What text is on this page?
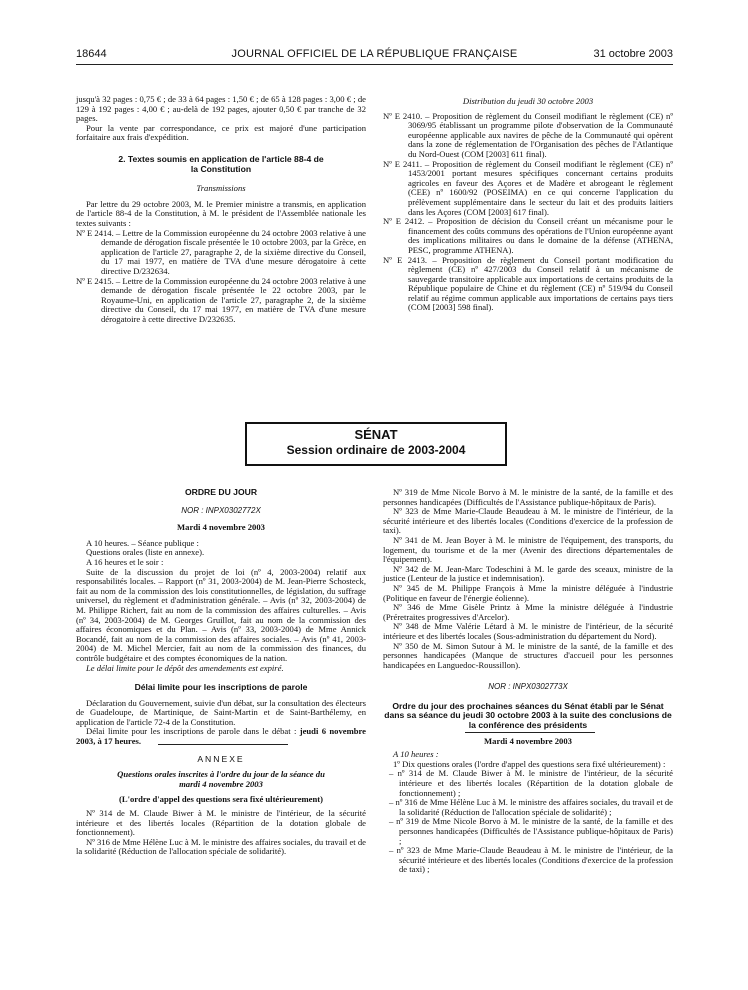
18644	JOURNAL OFFICIEL DE LA RÉPUBLIQUE FRANÇAISE	31 octobre 2003

jusqu'à 32 pages : 0,75 € ; de 33 à 64 pages : 1,50 € ; de 65 à 128 pages : 3,00 € ; de 129 à 192 pages : 4,00 € ; au-delà de 192 pages, ajouter 0,50 € par tranche de 32 pages.

Pour la vente par correspondance, ce prix est majoré d'une participation forfaitaire aux frais d'expédition.

2. Textes soumis en application de l'article 88-4 de la Constitution

Transmissions

Par lettre du 29 octobre 2003, M. le Premier ministre a transmis, en application de l'article 88-4 de la Constitution, à M. le président de l'Assemblée nationale les textes suivants :

Nº E 2414. – Lettre de la Commission européenne du 24 octobre 2003 relative à une demande de dérogation fiscale présentée le 10 octobre 2003, par la Grèce, en application de l'article 27, paragraphe 2, de la sixième directive du Conseil, du 17 mai 1977, en matière de TVA d'une mesure dérogatoire à cette directive D/232634.

Nº E 2415. – Lettre de la Commission européenne du 24 octobre 2003 relative à une demande de dérogation fiscale présentée le 22 octobre 2003, par le Royaume-Uni, en application de l'article 27, paragraphe 2, de la sixième directive du Conseil, du 17 mai 1977, en matière de TVA d'une mesure dérogatoire à cette directive D/232635.

Distribution du jeudi 30 octobre 2003

Nº E 2410. – Proposition de règlement du Conseil modifiant le règlement (CE) nº 3069/95 établissant un programme pilote d'observation de la Communauté européenne applicable aux navires de pêche de la Communauté qui opèrent dans la zone de réglementation de l'Organisation des pêches de l'Atlantique du Nord-Ouest (COM [2003] 611 final).

Nº E 2411. – Proposition de règlement du Conseil modifiant le règlement (CE) nº 1453/2001 portant mesures spécifiques concernant certains produits agricoles en faveur des Açores et de Madère et abrogeant le règlement (CEE) nº 1600/92 (POSEIMA) en ce qui concerne l'application du prélèvement supplémentaire dans le secteur du lait et des produits laitiers dans les Açores (COM [2003] 617 final).

Nº E 2412. – Proposition de décision du Conseil créant un mécanisme pour le financement des coûts communs des opérations de l'Union européenne ayant des implications militaires ou dans le domaine de la défense (ATHENA, PESC, programme ATHENA).

Nº E 2413. – Proposition de règlement du Conseil portant modification du règlement (CE) nº 427/2003 du Conseil relatif à un mécanisme de sauvegarde transitoire applicable aux importations de certains produits de la République populaire de Chine et du règlement (CE) nº 519/94 du Conseil relatif au régime commun applicable aux importations de certains pays tiers (COM [2003] 598 final).

SÉNAT
Session ordinaire de 2003-2004

ORDRE DU JOUR

NOR : INPX0302772X

Mardi 4 novembre 2003

A 10 heures. – Séance publique :

Questions orales (liste en annexe).

A 16 heures et le soir :

Suite de la discussion du projet de loi (nº 4, 2003-2004) relatif aux responsabilités locales. – Rapport (nº 31, 2003-2004) de M. Jean-Pierre Schosteck, fait au nom de la commission des lois constitutionnelles, de législation, du suffrage universel, du règlement et d'administration générale. – Avis (nº 32, 2003-2004) de M. Philippe Richert, fait au nom de la commission des affaires culturelles. – Avis (nº 34, 2003-2004) de M. Georges Gruillot, fait au nom de la commission des affaires économiques et du Plan. – Avis (nº 33, 2003-2004) de Mme Annick Bocandé, fait au nom de la commission des affaires sociales. – Avis (nº 41, 2003-2004) de M. Michel Mercier, fait au nom de la commission des finances, du contrôle budgétaire et des comptes économiques de la nation.

Le délai limite pour le dépôt des amendements est expiré.

Délai limite pour les inscriptions de parole

Déclaration du Gouvernement, suivie d'un débat, sur la consultation des électeurs de Guadeloupe, de Martinique, de Saint-Martin et de Saint-Barthélemy, en application de l'article 72-4 de la Constitution.

Délai limite pour les inscriptions de parole dans le débat : jeudi 6 novembre 2003, à 17 heures.

ANNEXE

Questions orales inscrites à l'ordre du jour de la séance du mardi 4 novembre 2003

(L'ordre d'appel des questions sera fixé ultérieurement)

Nº 314 de M. Claude Biwer à M. le ministre de l'intérieur, de la sécurité intérieure et des libertés locales (Répartition de la dotation globale de fonctionnement).

Nº 316 de Mme Hélène Luc à M. le ministre des affaires sociales, du travail et de la solidarité (Réduction de l'allocation spéciale de solidarité).

Nº 319 de Mme Nicole Borvo à M. le ministre de la santé, de la famille et des personnes handicapées (Difficultés de l'Assistance publique-hôpitaux de Paris).

Nº 323 de Mme Marie-Claude Beaudeau à M. le ministre de l'intérieur, de la sécurité intérieure et des libertés locales (Conditions d'exercice de la profession de taxi).

Nº 341 de M. Jean Boyer à M. le ministre de l'équipement, des transports, du logement, du tourisme et de la mer (Avenir des directions départementales de l'équipement).

Nº 342 de M. Jean-Marc Todeschini à M. le garde des sceaux, ministre de la justice (Lenteur de la justice et indemnisation).

Nº 345 de M. Philippe François à Mme la ministre déléguée à l'industrie (Politique en faveur de l'énergie éolienne).

Nº 346 de Mme Gisèle Printz à Mme la ministre déléguée à l'industrie (Préretraites progressives d'Arcelor).

Nº 348 de Mme Valérie Létard à M. le ministre de l'intérieur, de la sécurité intérieure et des libertés locales (Sous-administration du département du Nord).

Nº 350 de M. Simon Sutour à M. le ministre de la santé, de la famille et des personnes handicapées (Manque de structures d'accueil pour les personnes handicapées en Languedoc-Roussillon).

NOR : INPX0302773X

Ordre du jour des prochaines séances du Sénat établi par le Sénat dans sa séance du jeudi 30 octobre 2003 à la suite des conclusions de la conférence des présidents

Mardi 4 novembre 2003

A 10 heures :

1º Dix questions orales (l'ordre d'appel des questions sera fixé ultérieurement) :

– nº 314 de M. Claude Biwer à M. le ministre de l'intérieur, de la sécurité intérieure et des libertés locales (Répartition de la dotation globale de fonctionnement) ;

– nº 316 de Mme Hélène Luc à M. le ministre des affaires sociales, du travail et de la solidarité (Réduction de l'allocation spéciale de solidarité) ;

– nº 319 de Mme Nicole Borvo à M. le ministre de la santé, de la famille et des personnes handicapées (Difficultés de l'Assistance publique-hôpitaux de Paris) ;

– nº 323 de Mme Marie-Claude Beaudeau à M. le ministre de l'intérieur, de la sécurité intérieure et des libertés locales (Conditions d'exercice de la profession de taxi) ;
